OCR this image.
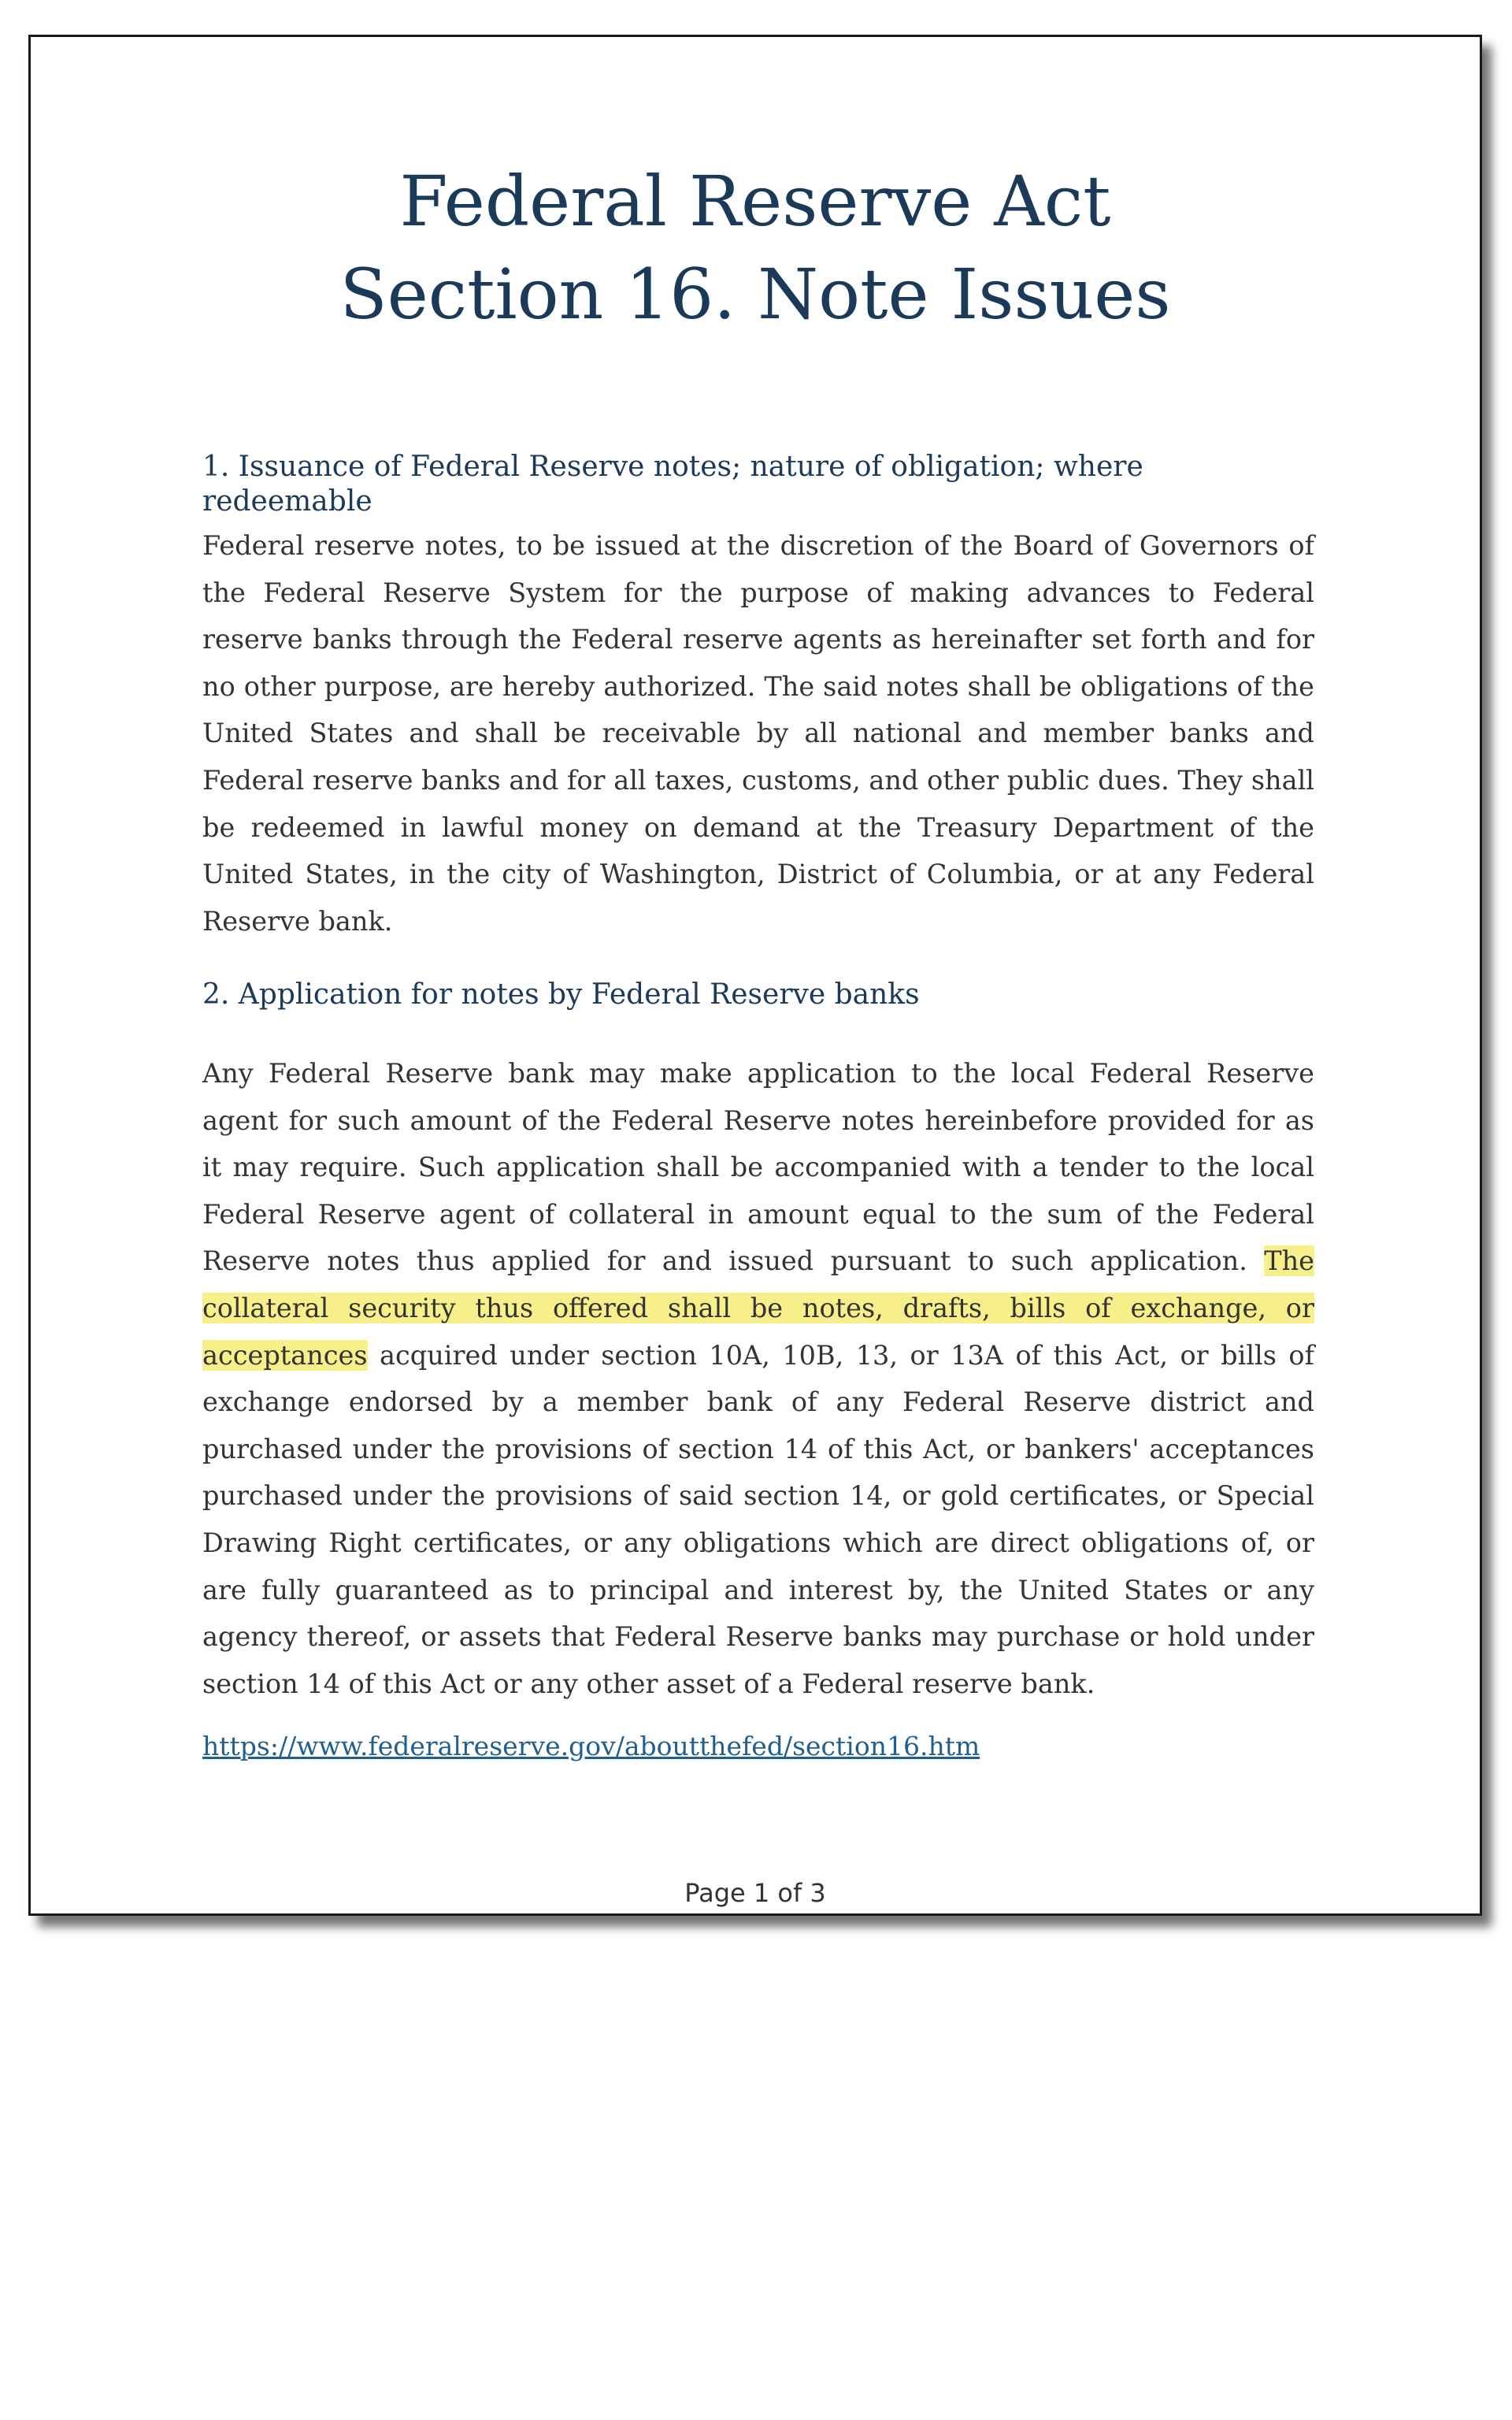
Federal Reserve Act
Section 16. Note Issues
1. Issuance of Federal Reserve notes; nature of obligation; where redeemable

Federal reserve notes, to be issued at the discretion of the Board of Governors of the Federal Reserve System for the purpose of making advances to Federal reserve banks through the Federal reserve agents as hereinafter set forth and for no other purpose, are hereby authorized. The said notes shall be obligations of the United States and shall be receivable by all national and member banks and Federal reserve banks and for all taxes, customs, and other public dues. They shall be redeemed in lawful money on demand at the Treasury Department of the United States, in the city of Washington, District of Columbia, or at any Federal Reserve bank.

2. Application for notes by Federal Reserve banks

Any Federal Reserve bank may make application to the local Federal Reserve agent for such amount of the Federal Reserve notes hereinbefore provided for as it may require. Such application shall be accompanied with a tender to the local Federal Reserve agent of collateral in amount equal to the sum of the Federal Reserve notes thus applied for and issued pursuant to such application. The collateral security thus offered shall be notes, drafts, bills of exchange, or acceptances acquired under section 10A, 10B, 13, or 13A of this Act, or bills of exchange endorsed by a member bank of any Federal Reserve district and purchased under the provisions of section 14 of this Act, or bankers' acceptances purchased under the provisions of said section 14, or gold certificates, or Special Drawing Right certificates, or any obligations which are direct obligations of, or are fully guaranteed as to principal and interest by, the United States or any agency thereof, or assets that Federal Reserve banks may purchase or hold under section 14 of this Act or any other asset of a Federal reserve bank.

https://www.federalreserve.gov/aboutthefed/section16.htm
Page 1 of 3
